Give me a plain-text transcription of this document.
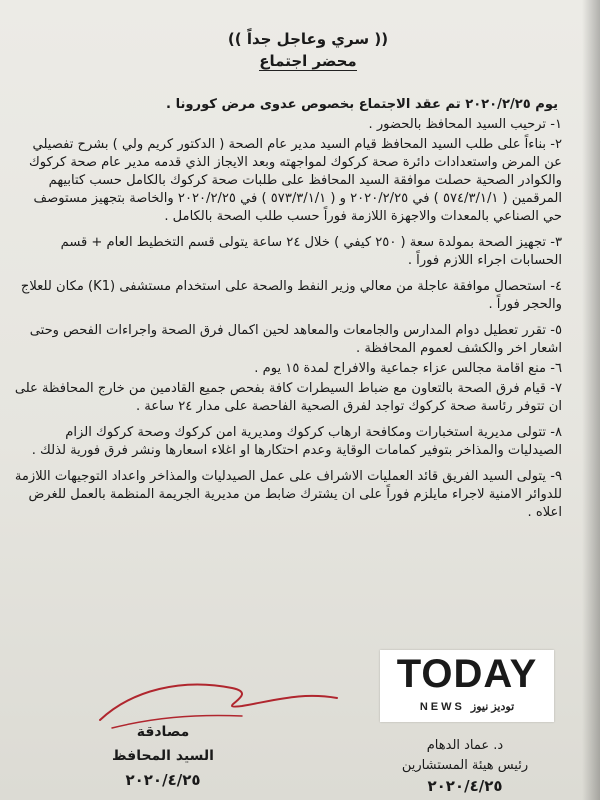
(( سري وعاجل جداً ))
محضر اجتماع
يوم ٢٠٢٠/٢/٢٥ تم عقد الاجتماع بخصوص عدوى مرض كورونا .
١- ترحيب السيد المحافظ بالحضور .
٢- بناءاً على طلب السيد المحافظ قيام السيد مدير عام الصحة ( الدكتور كريم ولي ) بشرح تفصيلي عن المرض واستعدادات دائرة صحة كركوك لمواجهته وبعد الايجاز الذي قدمه مدير عام صحة كركوك والكوادر الصحية حصلت موافقة السيد المحافظ على طلبات صحة كركوك بالكامل حسب كتابيهم المرقمين ( ٥٧٤/٣/١/١ ) في ٢٠٢٠/٢/٢٥ و ( ٥٧٣/٣/١/١ ) في ٢٠٢٠/٢/٢٥ والخاصة بتجهيز مستوصف حي الصناعي بالمعدات والاجهزة اللازمة فوراً حسب طلب الصحة بالكامل .
٣- تجهيز الصحة بمولدة سعة ( ٢٥٠ كيفي ) خلال ٢٤ ساعة يتولى قسم التخطيط العام + قسم الحسابات اجراء اللازم فوراً .
٤- استحصال موافقة عاجلة من معالي وزير النفط والصحة على استخدام مستشفى (K1) مكان للعلاج والحجر فوراً .
٥- تقرر تعطيل دوام المدارس والجامعات والمعاهد لحين اكمال فرق الصحة واجراءات الفحص وحتى اشعار اخر والكشف لعموم المحافظة .
٦- منع اقامة مجالس عزاء جماعية والافراح لمدة ١٥ يوم .
٧- قيام فرق الصحة بالتعاون مع ضباط السيطرات كافة بفحص جميع القادمين من خارج المحافظة على ان تتوفر رئاسة صحة كركوك تواجد لفرق الصحية الفاحصة على مدار ٢٤ ساعة .
٨- تتولى مديرية استخبارات ومكافحة ارهاب كركوك ومديرية امن كركوك وصحة كركوك الزام الصيدليات والمذاخر بتوفير كمامات الوقاية وعدم احتكارها او اغلاء اسعارها ونشر فرق فورية لذلك .
٩- يتولى السيد الفريق قائد العمليات الاشراف على عمل الصيدليات والمذاخر واعداد التوجيهات اللازمة للدوائر الامنية لاجراء مايلزم فوراً على ان يشترك ضابط من مديرية الجريمة المنظمة بالعمل للغرض اعلاه .
مصادقة
السيد المحافظ
٢٠٢٠/٤/٢٥
د. عماد الدهام
رئيس هيئة المستشارين
٢٠٢٠/٤/٢٥
TODAY
NEWS توديز نيوز
